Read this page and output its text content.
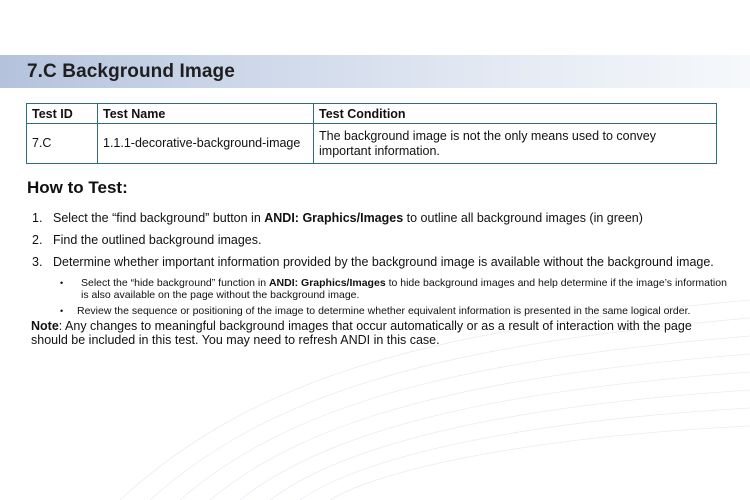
7.C Background Image
Test ID	Test Name	Test Condition
7.C	1.1.1-decorative-background-image	The background image is not the only means used to convey important information.
How to Test:
1. Select the “find background” button in ANDI: Graphics/Images to outline all background images (in green)
2. Find the outlined background images.
3. Determine whether important information provided by the background image is available without the background image.
• Select the “hide background” function in ANDI: Graphics/Images to hide background images and help determine if the image’s information is also available on the page without the background image.
• Review the sequence or positioning of the image to determine whether equivalent information is presented in the same logical order.

Note: Any changes to meaningful background images that occur automatically or as a result of interaction with the page should be included in this test. You may need to refresh ANDI in this case.
